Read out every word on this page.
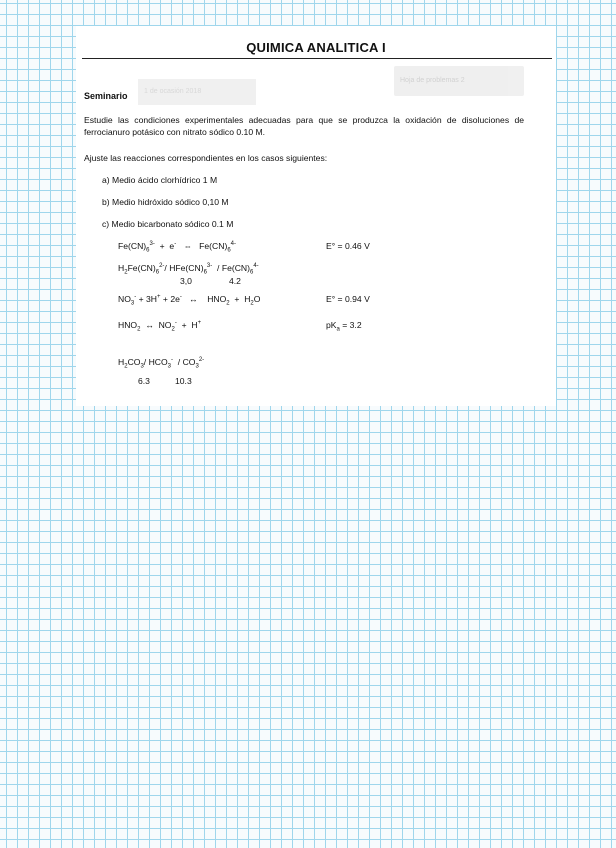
QUIMICA ANALITICA I
1 de ocasión 2018
Hoja de problemas 2
Seminario
Estudie las condiciones experimentales adecuadas para que se produzca la oxidación de disoluciones de ferrocianuro potásico con nitrato sódico 0.10 M.
Ajuste las reacciones correspondientes en los casos siguientes:
a) Medio ácido clorhídrico 1 M
b) Medio hidróxido sódico 0,10 M
c) Medio bicarbonato sódico 0.1 M
$Fe(CN)_6^{3-} + e^-$   ⇔   $Fe(CN)_6^{4-}$	E° = 0.46 V
$H_2Fe(CN)_6^{2-}/$ $HFe(CN)_6^{3-} / Fe(CN)_6^{4-}$
3,0	4.2
$NO_3^- + 3H^+ + 2e^-$   ↔    $HNO_2 + H_2O$	E° = 0.94 V
$HNO_2$  ↔  $NO_2^- + H^+$	$pK_a = 3.2$
$H_2CO_3/$ $HCO_3^- / CO_3^{2-}$
6.3	10.3
